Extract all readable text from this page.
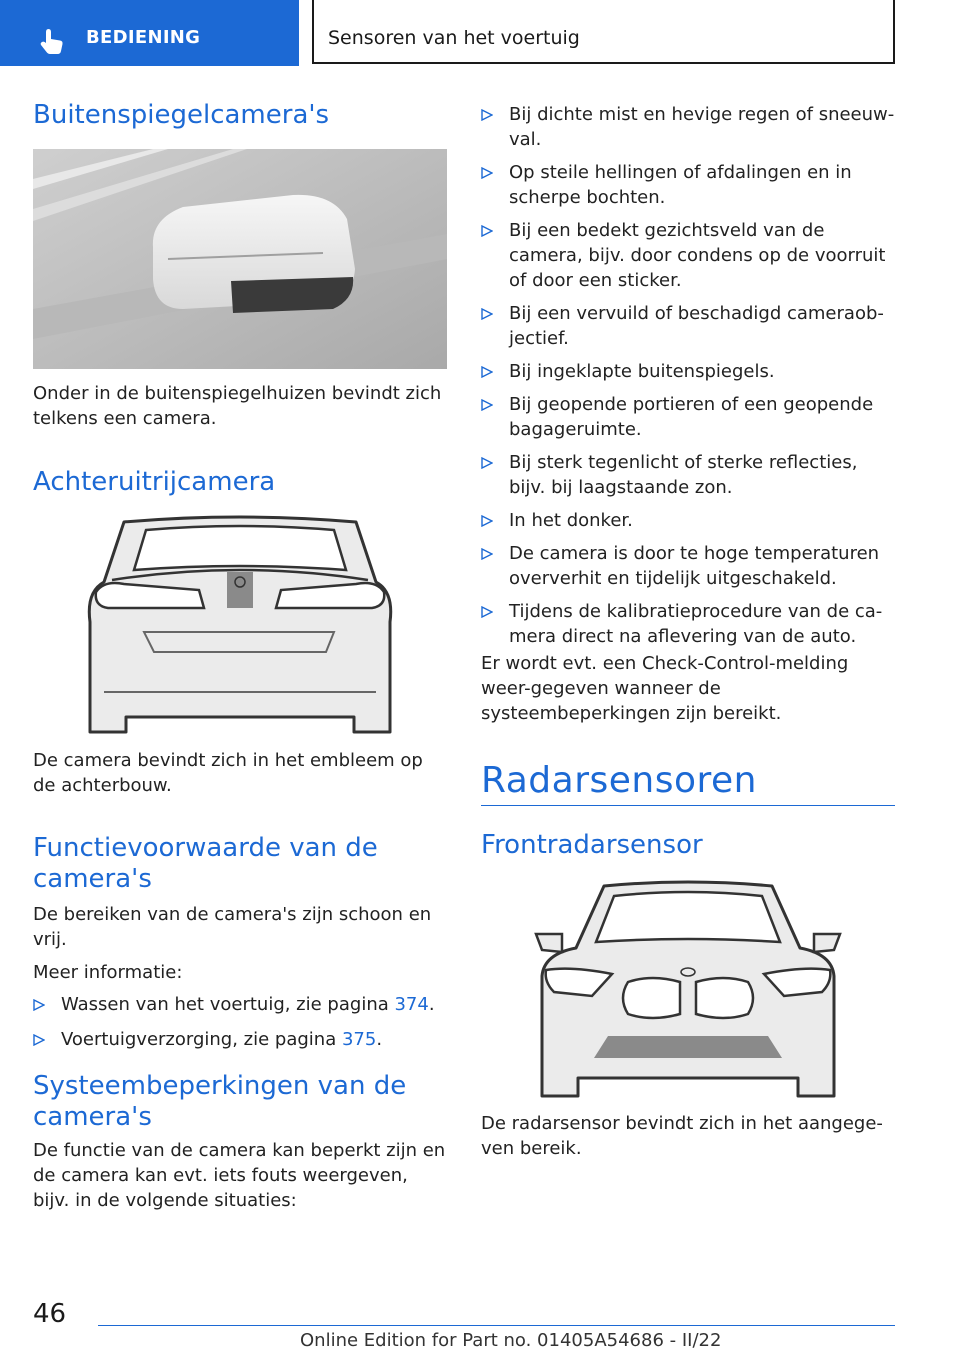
BEDIENING	Sensoren van het voertuig
Buitenspiegelcamera's

Onder in de buitenspiegelhuizen bevindt zich telkens een camera.

Achteruitrijcamera

De camera bevindt zich in het embleem op de achterbouw.

Functievoorwaarde van de camera's

De bereiken van de camera's zijn schoon en vrij.

Meer informatie:

Wassen van het voertuig, zie pagina 374.
Voertuigverzorging, zie pagina 375.
Systeembeperkingen van de camera's

De functie van de camera kan beperkt zijn en de camera kan evt. iets fouts weergeven, bijv. in de volgende situaties:

Bij dichte mist en hevige regen of sneeuw-val.
Op steile hellingen of afdalingen en in scherpe bochten.
Bij een bedekt gezichtsveld van de camera, bijv. door condens op de voorruit of door een sticker.
Bij een vervuild of beschadigd cameraob-jectief.
Bij ingeklapte buitenspiegels.
Bij geopende portieren of een geopende bagageruimte.
Bij sterk tegenlicht of sterke reflecties, bijv. bij laagstaande zon.
In het donker.
De camera is door te hoge temperaturen oververhit en tijdelijk uitgeschakeld.
Tijdens de kalibratieprocedure van de ca-mera direct na aflevering van de auto.

Er wordt evt. een Check-Control-melding weer-gegeven wanneer de systeembeperkingen zijn bereikt.

Radarsensoren
Frontradarsensor

De radarsensor bevindt zich in het aangege-ven bereik.

46
Online Edition for Part no. 01405A54686 - II/22
